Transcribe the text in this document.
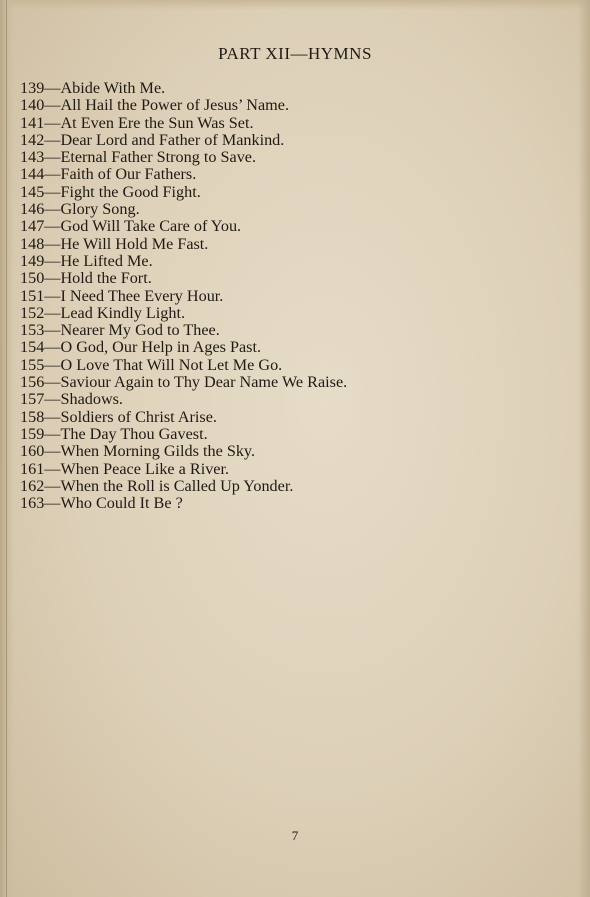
PART XII—HYMNS
139—Abide With Me.
140—All Hail the Power of Jesus’ Name.
141—At Even Ere the Sun Was Set.
142—Dear Lord and Father of Mankind.
143—Eternal Father Strong to Save.
144—Faith of Our Fathers.
145—Fight the Good Fight.
146—Glory Song.
147—God Will Take Care of You.
148—He Will Hold Me Fast.
149—He Lifted Me.
150—Hold the Fort.
151—I Need Thee Every Hour.
152—Lead Kindly Light.
153—Nearer My God to Thee.
154—O God, Our Help in Ages Past.
155—O Love That Will Not Let Me Go.
156—Saviour Again to Thy Dear Name We Raise.
157—Shadows.
158—Soldiers of Christ Arise.
159—The Day Thou Gavest.
160—When Morning Gilds the Sky.
161—When Peace Like a River.
162—When the Roll is Called Up Yonder.
163—Who Could It Be ?
7
